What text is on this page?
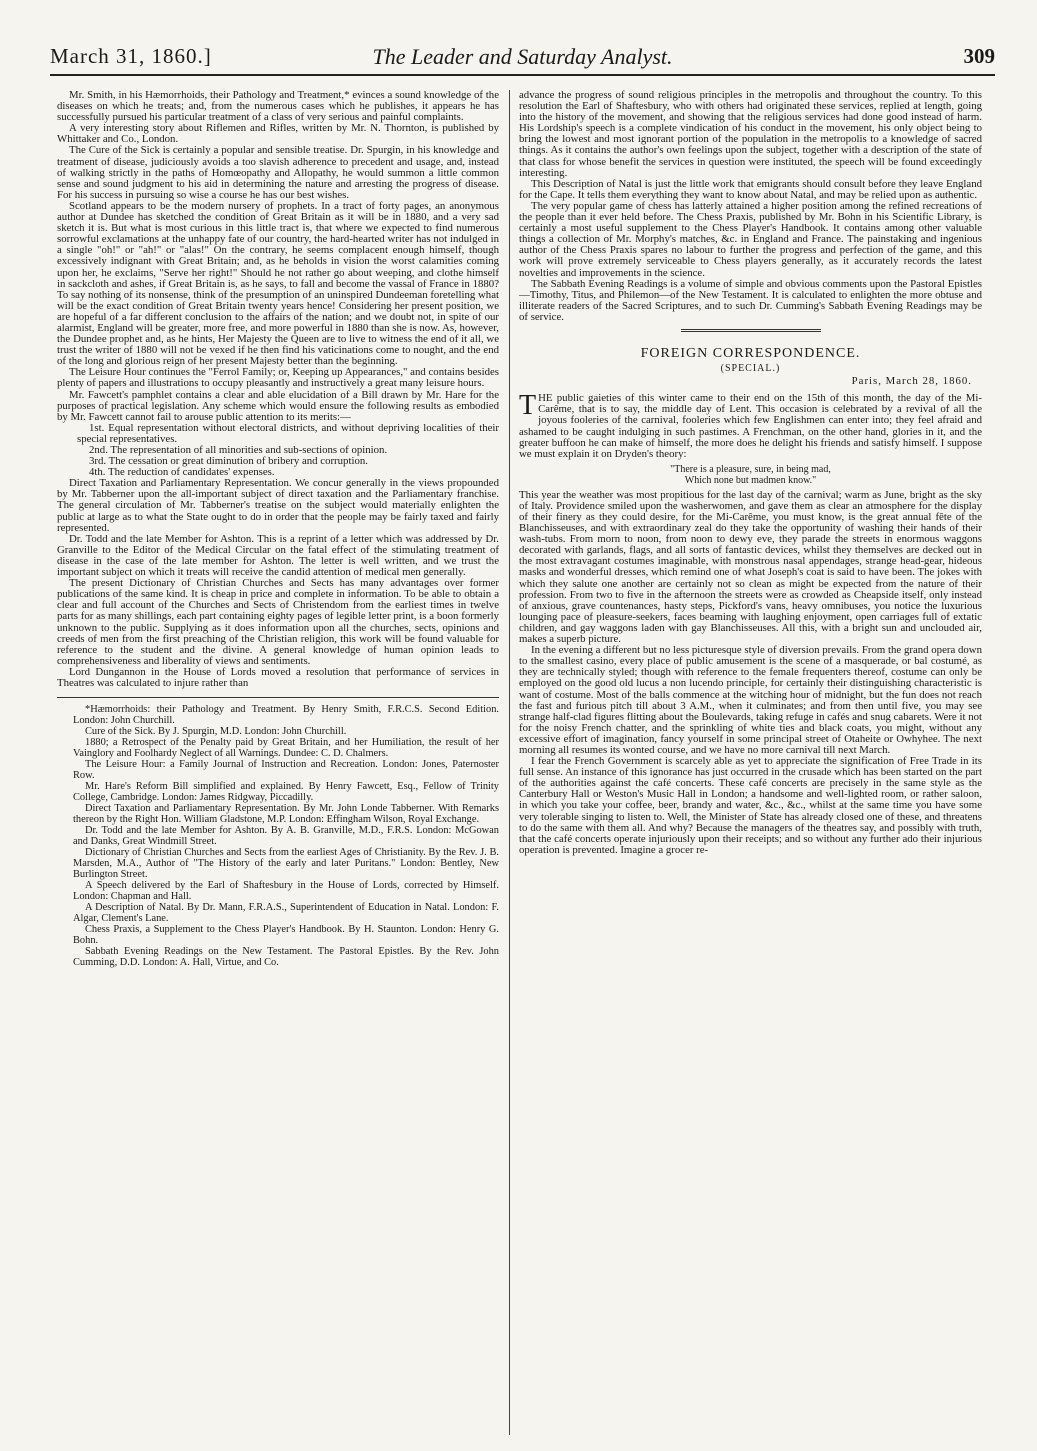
March 31, 1860.]	The Leader and Saturday Analyst.	309

Mr. Smith, in his Hæmorrhoids, their Pathology and Treatment,* evinces a sound knowledge of the diseases on which he treats; and, from the numerous cases which he publishes, it appears he has successfully pursued his particular treatment of a class of very serious and painful complaints.

A very interesting story about Riflemen and Rifles, written by Mr. N. Thornton, is published by Whittaker and Co., London.

The Cure of the Sick is certainly a popular and sensible treatise. Dr. Spurgin, in his knowledge and treatment of disease, judiciously avoids a too slavish adherence to precedent and usage, and, instead of walking strictly in the paths of Homœopathy and Allopathy, he would summon a little common sense and sound judgment to his aid in determining the nature and arresting the progress of disease. For his success in pursuing so wise a course he has our best wishes.

Scotland appears to be the modern nursery of prophets. In a tract of forty pages, an anonymous author at Dundee has sketched the condition of Great Britain as it will be in 1880, and a very sad sketch it is. But what is most curious in this little tract is, that where we expected to find numerous sorrowful exclamations at the unhappy fate of our country, the hard-hearted writer has not indulged in a single "oh!" or "ah!" or "alas!" On the contrary, he seems complacent enough himself, though excessively indignant with Great Britain; and, as he beholds in vision the worst calamities coming upon her, he exclaims, "Serve her right!" Should he not rather go about weeping, and clothe himself in sackcloth and ashes, if Great Britain is, as he says, to fall and become the vassal of France in 1880? To say nothing of its nonsense, think of the presumption of an uninspired Dundeeman foretelling what will be the exact condition of Great Britain twenty years hence! Considering her present position, we are hopeful of a far different conclusion to the affairs of the nation; and we doubt not, in spite of our alarmist, England will be greater, more free, and more powerful in 1880 than she is now. As, however, the Dundee prophet and, as he hints, Her Majesty the Queen are to live to witness the end of it all, we trust the writer of 1880 will not be vexed if he then find his vaticinations come to nought, and the end of the long and glorious reign of her present Majesty better than the beginning.

The Leisure Hour continues the "Ferrol Family; or, Keeping up Appearances," and contains besides plenty of papers and illustrations to occupy pleasantly and instructively a great many leisure hours.

Mr. Fawcett's pamphlet contains a clear and able elucidation of a Bill drawn by Mr. Hare for the purposes of practical legislation. Any scheme which would ensure the following results as embodied by Mr. Fawcett cannot fail to arouse public attention to its merits:—

1st. Equal representation without electoral districts, and without depriving localities of their special representatives.

2nd. The representation of all minorities and sub-sections of opinion.

3rd. The cessation or great diminution of bribery and corruption.

4th. The reduction of candidates' expenses.

Direct Taxation and Parliamentary Representation. We concur generally in the views propounded by Mr. Tabberner upon the all-important subject of direct taxation and the Parliamentary franchise. The general circulation of Mr. Tabberner's treatise on the subject would materially enlighten the public at large as to what the State ought to do in order that the people may be fairly taxed and fairly represented.

Dr. Todd and the late Member for Ashton. This is a reprint of a letter which was addressed by Dr. Granville to the Editor of the Medical Circular on the fatal effect of the stimulating treatment of disease in the case of the late member for Ashton. The letter is well written, and we trust the important subject on which it treats will receive the candid attention of medical men generally.

The present Dictionary of Christian Churches and Sects has many advantages over former publications of the same kind. It is cheap in price and complete in information. To be able to obtain a clear and full account of the Churches and Sects of Christendom from the earliest times in twelve parts for as many shillings, each part containing eighty pages of legible letter print, is a boon formerly unknown to the public. Supplying as it does information upon all the churches, sects, opinions and creeds of men from the first preaching of the Christian religion, this work will be found valuable for reference to the student and the divine. A general knowledge of human opinion leads to comprehensiveness and liberality of views and sentiments.

Lord Dungannon in the House of Lords moved a resolution that performance of services in Theatres was calculated to injure rather than

*Hæmorrhoids: their Pathology and Treatment. By Henry Smith, F.R.C.S. Second Edition. London: John Churchill.

Cure of the Sick. By J. Spurgin, M.D. London: John Churchill.

1880; a Retrospect of the Penalty paid by Great Britain, and her Humiliation, the result of her Vainglory and Foolhardy Neglect of all Warnings. Dundee: C. D. Chalmers.

The Leisure Hour: a Family Journal of Instruction and Recreation. London: Jones, Paternoster Row.

Mr. Hare's Reform Bill simplified and explained. By Henry Fawcett, Esq., Fellow of Trinity College, Cambridge. London: James Ridgway, Piccadilly.

Direct Taxation and Parliamentary Representation. By Mr. John Londe Tabberner. With Remarks thereon by the Right Hon. William Gladstone, M.P. London: Effingham Wilson, Royal Exchange.

Dr. Todd and the late Member for Ashton. By A. B. Granville, M.D., F.R.S. London: McGowan and Danks, Great Windmill Street.

Dictionary of Christian Churches and Sects from the earliest Ages of Christianity. By the Rev. J. B. Marsden, M.A., Author of "The History of the early and later Puritans." London: Bentley, New Burlington Street.

A Speech delivered by the Earl of Shaftesbury in the House of Lords, corrected by Himself. London: Chapman and Hall.

A Description of Natal. By Dr. Mann, F.R.A.S., Superintendent of Education in Natal. London: F. Algar, Clement's Lane.

Chess Praxis, a Supplement to the Chess Player's Handbook. By H. Staunton. London: Henry G. Bohn.

Sabbath Evening Readings on the New Testament. The Pastoral Epistles. By the Rev. John Cumming, D.D. London: A. Hall, Virtue, and Co.

advance the progress of sound religious principles in the metropolis and throughout the country. To this resolution the Earl of Shaftesbury, who with others had originated these services, replied at length, going into the history of the movement, and showing that the religious services had done good instead of harm. His Lordship's speech is a complete vindication of his conduct in the movement, his only object being to bring the lowest and most ignorant portion of the population in the metropolis to a knowledge of sacred things. As it contains the author's own feelings upon the subject, together with a description of the state of that class for whose benefit the services in question were instituted, the speech will be found exceedingly interesting.

This Description of Natal is just the little work that emigrants should consult before they leave England for the Cape. It tells them everything they want to know about Natal, and may be relied upon as authentic.

The very popular game of chess has latterly attained a higher position among the refined recreations of the people than it ever held before. The Chess Praxis, published by Mr. Bohn in his Scientific Library, is certainly a most useful supplement to the Chess Player's Handbook. It contains among other valuable things a collection of Mr. Morphy's matches, &c. in England and France. The painstaking and ingenious author of the Chess Praxis spares no labour to further the progress and perfection of the game, and this work will prove extremely serviceable to Chess players generally, as it accurately records the latest novelties and improvements in the science.

The Sabbath Evening Readings is a volume of simple and obvious comments upon the Pastoral Epistles—Timothy, Titus, and Philemon—of the New Testament. It is calculated to enlighten the more obtuse and illiterate readers of the Sacred Scriptures, and to such Dr. Cumming's Sabbath Evening Readings may be of service.

FOREIGN CORRESPONDENCE.
(SPECIAL.)
Paris, March 28, 1860.

THE public gaieties of this winter came to their end on the 15th of this month, the day of the Mi-Carême, that is to say, the middle day of Lent. This occasion is celebrated by a revival of all the joyous fooleries of the carnival, fooleries which few Englishmen can enter into; they feel afraid and ashamed to be caught indulging in such pastimes. A Frenchman, on the other hand, glories in it, and the greater buffoon he can make of himself, the more does he delight his friends and satisfy himself. I suppose we must explain it on Dryden's theory:

"There is a pleasure, sure, in being mad,
Which none but madmen know."

This year the weather was most propitious for the last day of the carnival; warm as June, bright as the sky of Italy. Providence smiled upon the washerwomen, and gave them as clear an atmosphere for the display of their finery as they could desire, for the Mi-Carême, you must know, is the great annual fête of the Blanchisseuses, and with extraordinary zeal do they take the opportunity of washing their hands of their wash-tubs. From morn to noon, from noon to dewy eve, they parade the streets in enormous waggons decorated with garlands, flags, and all sorts of fantastic devices, whilst they themselves are decked out in the most extravagant costumes imaginable, with monstrous nasal appendages, strange head-gear, hideous masks and wonderful dresses, which remind one of what Joseph's coat is said to have been. The jokes with which they salute one another are certainly not so clean as might be expected from the nature of their profession. From two to five in the afternoon the streets were as crowded as Cheapside itself, only instead of anxious, grave countenances, hasty steps, Pickford's vans, heavy omnibuses, you notice the luxurious lounging pace of pleasure-seekers, faces beaming with laughing enjoyment, open carriages full of extatic children, and gay waggons laden with gay Blanchisseuses. All this, with a bright sun and unclouded air, makes a superb picture.

In the evening a different but no less picturesque style of diversion prevails. From the grand opera down to the smallest casino, every place of public amusement is the scene of a masquerade, or bal costumé, as they are technically styled; though with reference to the female frequenters thereof, costume can only be employed on the good old lucus a non lucendo principle, for certainly their distinguishing characteristic is want of costume. Most of the balls commence at the witching hour of midnight, but the fun does not reach the fast and furious pitch till about 3 A.M., when it culminates; and from then until five, you may see strange half-clad figures flitting about the Boulevards, taking refuge in cafés and snug cabarets. Were it not for the noisy French chatter, and the sprinkling of white ties and black coats, you might, without any excessive effort of imagination, fancy yourself in some principal street of Otaheite or Owhyhee. The next morning all resumes its wonted course, and we have no more carnival till next March.

I fear the French Government is scarcely able as yet to appreciate the signification of Free Trade in its full sense. An instance of this ignorance has just occurred in the crusade which has been started on the part of the authorities against the café concerts. These café concerts are precisely in the same style as the Canterbury Hall or Weston's Music Hall in London; a handsome and well-lighted room, or rather saloon, in which you take your coffee, beer, brandy and water, &c., &c., whilst at the same time you have some very tolerable singing to listen to. Well, the Minister of State has already closed one of these, and threatens to do the same with them all. And why? Because the managers of the theatres say, and possibly with truth, that the café concerts operate injuriously upon their receipts; and so without any further ado their injurious operation is prevented. Imagine a grocer re-
